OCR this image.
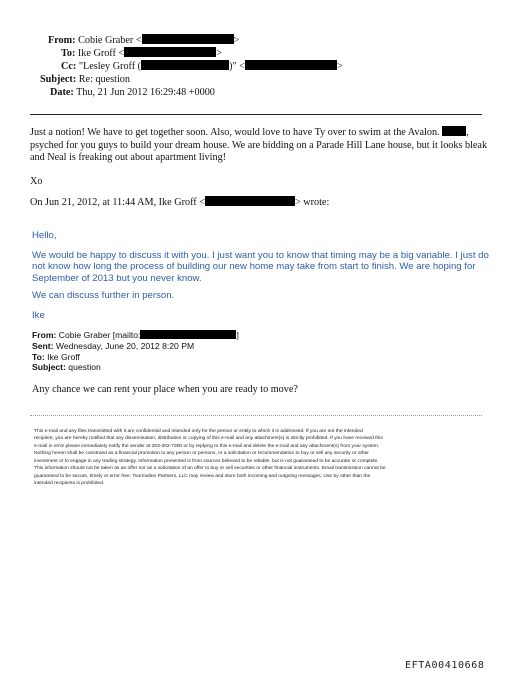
From: Cobie Graber <	>
To: Ike Groff <	>
Cc: "Lesley Groff (	)" <	>
Subject: Re: question
Date: Thu, 21 Jun 2012 16:29:48 +0000
Just a notion! We have to get together soon. Also, would love to have Ty over to swim at the Avalon.	,
psyched for you guys to build your dream house. We are bidding on a Parade Hill Lane house, but it looks bleak
and Neal is freaking out about apartment living!
Xo
On Jun 21, 2012, at 11:44 AM, Ike Groff <	> wrote:
Hello,
We would be happy to discuss it with you. I just want you to know that timing may be a big variable. I just do
not know how long the process of building our new home may take from start to finish. We are hoping for
September of 2013 but you never know.
We can discuss further in person.
Ike
From: Cobie Graber [mailto:	]
Sent: Wednesday, June 20, 2012 8:20 PM
To: Ike Groff
Subject: question
Any chance we can rent your place when you are ready to move?
This e-mail and any files transmitted with it are confidential and intended only for the person or entity to which it is addressed. If you are not the intended
recipient, you are hereby notified that any dissemination, distribution or copying of this e-mail and any attachment(s) is strictly prohibited. If you have received this
e-mail in error please immediately notify the sender at 203-302-7300 or by replying to this e-mail and delete the e-mail and any attachment(s) from your system.
Nothing herein shall be construed as a financial promotion to any person or persons, or a solicitation or recommendation to buy or sell any security or other
investment or to engage in any trading strategy. Information presented is from sources believed to be reliable, but is not guaranteed to be accurate or complete.
This information should not be taken as an offer nor as a solicitation of an offer to buy or sell securities or other financial instruments. Email transmission cannot be
guaranteed to be secure, timely or error free. Tourmaline Partners, LLC may review and store both incoming and outgoing messages. Use by other than the
intended recipients is prohibited.
EFTA00410668
